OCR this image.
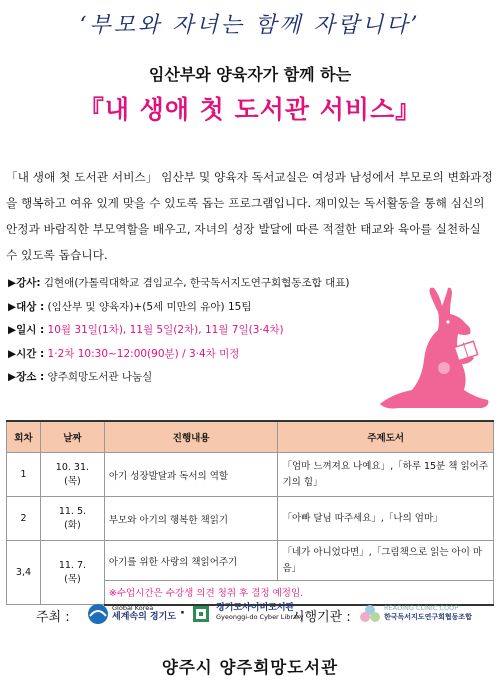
‘부모와 자녀는 함께 자랍니다’
임산부와 양육자가 함께 하는
『내 생애 첫 도서관 서비스』
「내 생애 첫 도서관 서비스」 임산부 및 양육자 독서교실은 여성과 남성에서 부모로의 변화과정을 행복하고 여유 있게 맞을 수 있도록 돕는 프로그램입니다. 재미있는 독서활동을 통해 심신의 안정과 바람직한 부모역할을 배우고, 자녀의 성장 발달에 따른 적절한 태교와 육아를 실천하실 수 있도록 돕습니다.
▶강사: 김현애(가톨릭대학교 겸임교수, 한국독서지도연구회협동조합 대표)
▶대상 : (임산부 및 양육자)+(5세 미만의 유아) 15팀
▶일시 : 10월 31일(1차), 11월 5일(2차), 11월 7일(3·4차)
▶시간 : 1·2차 10:30~12:00(90분) / 3·4차 미정
▶장소 : 양주희망도서관 나눔실
회차	날짜	진행내용	주제도서
1	10. 31.
(목)	아기 성장발달과 독서의 역할	「엄마 느껴져요 나예요」,「하루 15분 책 읽어주기의 힘」
2	11. 5.
(화)	부모와 아기의 행복한 책읽기	「아빠 달님 따주세요」,「나의 엄마」
3,4	11. 7.
(목)	아기를 위한 사랑의 책읽어주기	「네가 아니었다면」,「그림책으로 읽는 아이 마음」
		※수업시간은 수강생 의견 청취 후 결정 예정임.	
주최 :
Global Korea
세계속의 경기도 ·	경기도사이버도서관
Gyeonggi-do Cyber Library
시행기관 :
READING CLINIC COOP
한국독서지도연구회협동조합
양주시 양주희망도서관
